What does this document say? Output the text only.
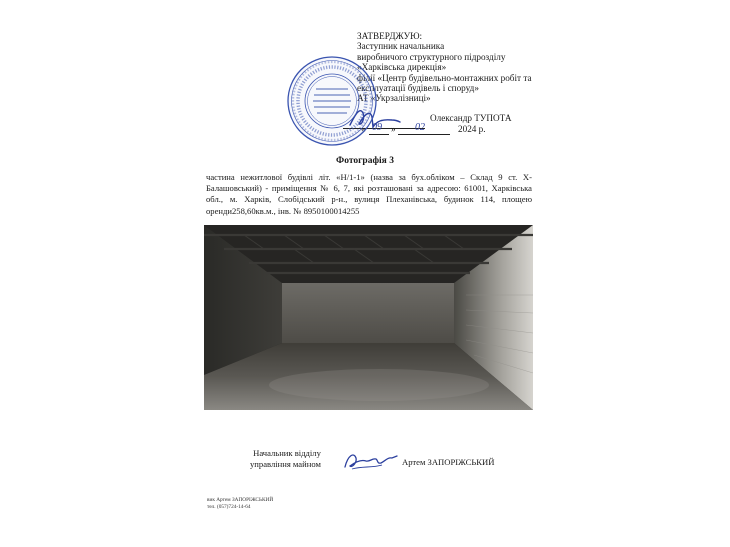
ЗАТВЕРДЖУЮ:
Заступник начальника
виробничого структурного підрозділу
«Харківська дирекція»
філії «Центр будівельно-монтажних робіт та
експлуатації будівель і споруд»
АТ «Укрзалізниці»
Олександр ТУПОТА
« 09 » 02	2024 р.
Фотографія 3
частина нежитлової будівлі літ. «Н/1-1» (назва за бух.обліком – Склад 9 ст. Х-Балашовський) - приміщення № 6, 7, які розташовані за адресою: 61001, Харківська обл., м. Харків, Слобідський р-н., вулиця Плеханівська, будинок 114, площею оренди258,60кв.м., інв. № 8950100014255
Начальник відділу
управління майном	Артем ЗАПОРІЖСЬКИЙ
вик Артем ЗАПОРІЖСЬКИЙ
тел. (057)724-14-64
